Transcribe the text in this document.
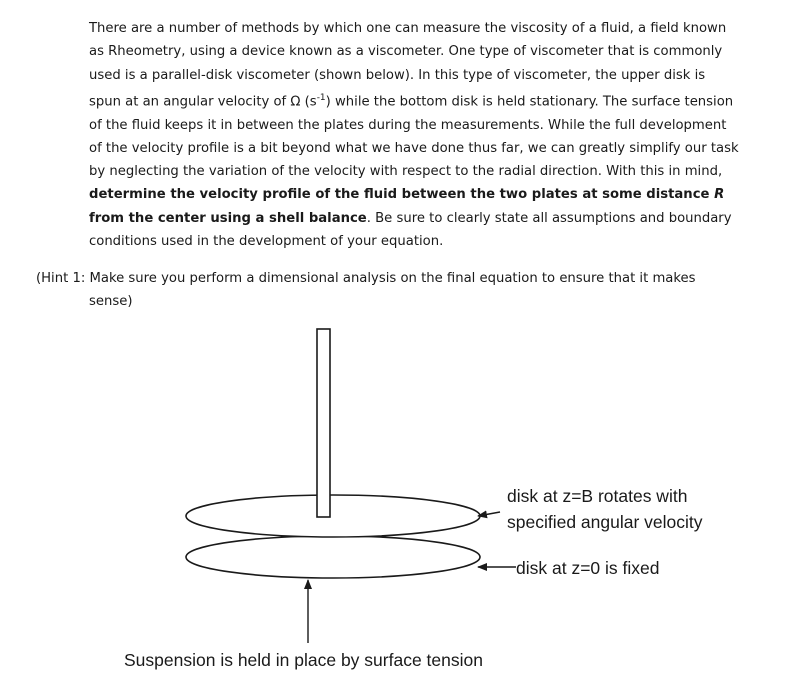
There are a number of methods by which one can measure the viscosity of a fluid, a field known as Rheometry, using a device known as a viscometer. One type of viscometer that is commonly used is a parallel-disk viscometer (shown below). In this type of viscometer, the upper disk is spun at an angular velocity of Ω $(s^{-1})$ while the bottom disk is held stationary. The surface tension of the fluid keeps it in between the plates during the measurements. While the full development of the velocity profile is a bit beyond what we have done thus far, we can greatly simplify our task by neglecting the variation of the velocity with respect to the radial direction. With this in mind, determine the velocity profile of the fluid between the two plates at some distance R from the center using a shell balance. Be sure to clearly state all assumptions and boundary conditions used in the development of your equation.

(Hint 1: Make sure you perform a dimensional analysis on the final equation to ensure that it makes
sense)

disk at z=B rotates with
specified angular velocity
disk at z=0 is fixed
Suspension is held in place by surface tension
